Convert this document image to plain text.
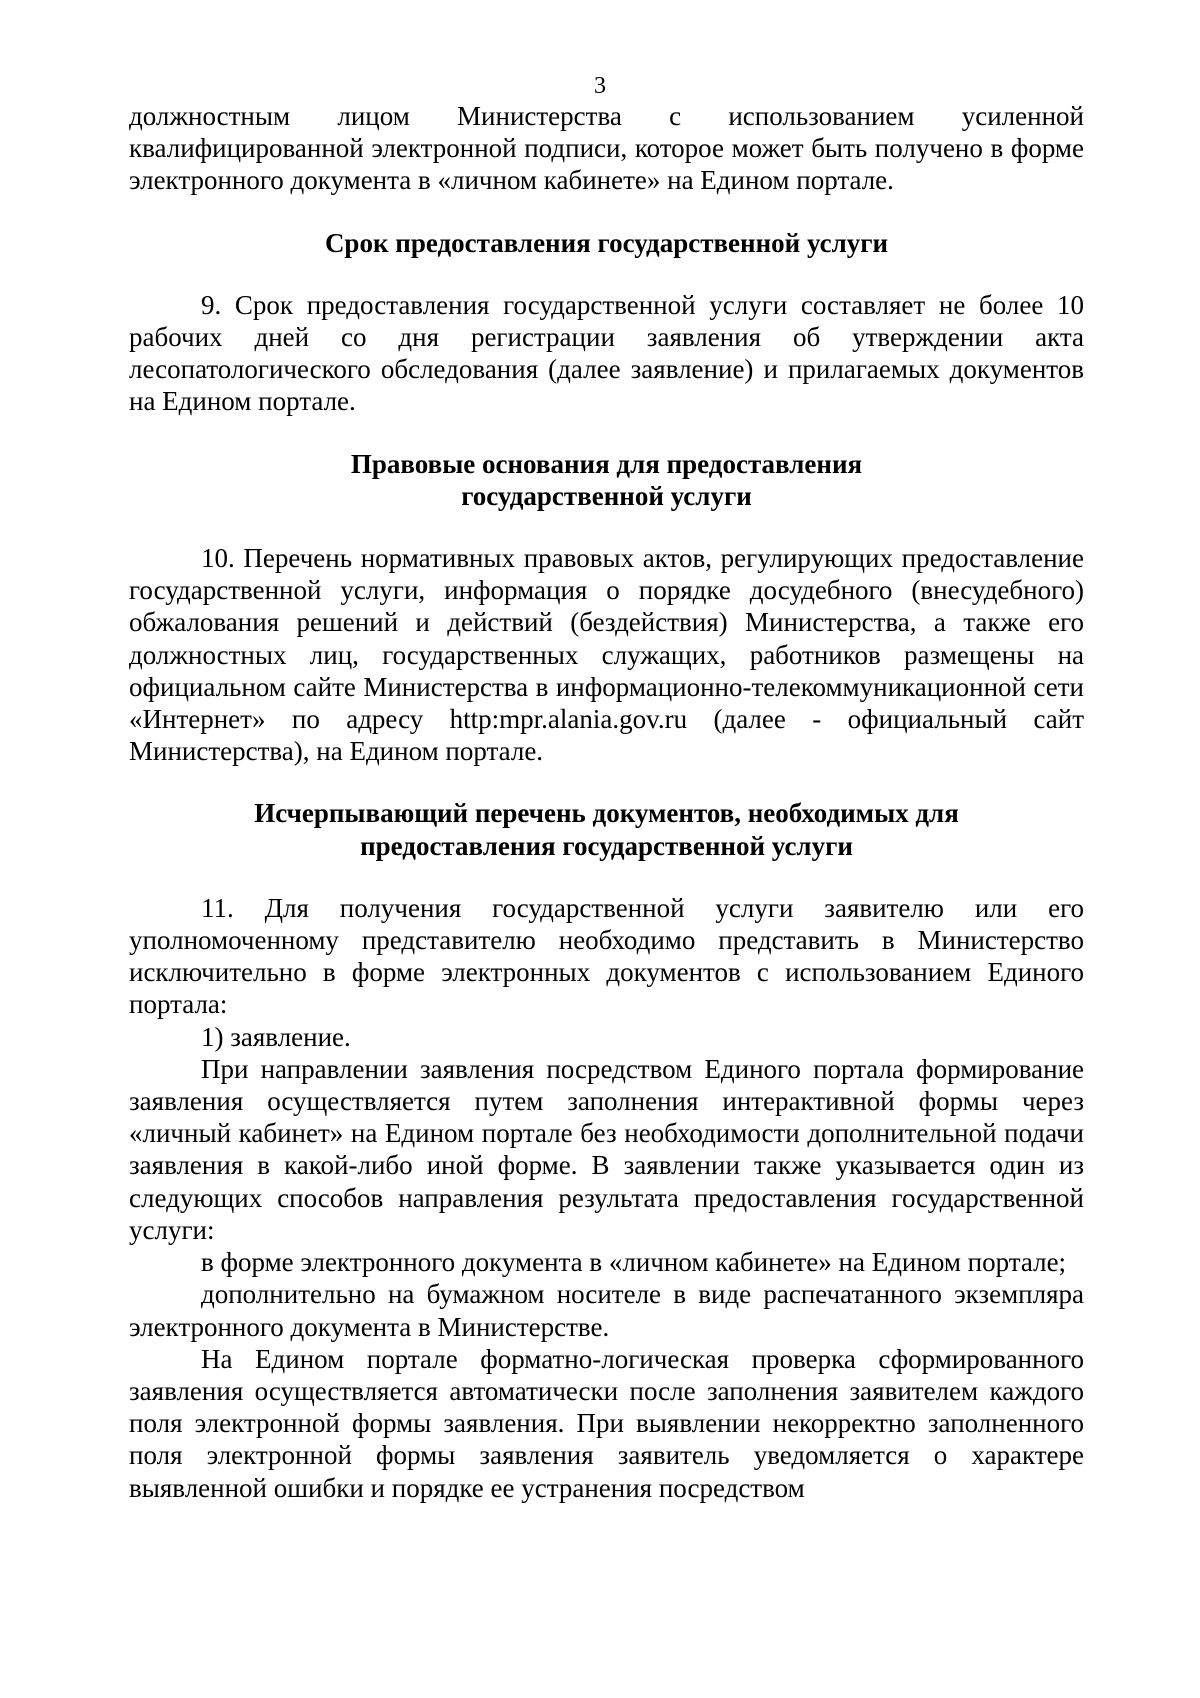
3

должностным лицом Министерства с использованием усиленной квалифицированной электронной подписи, которое может быть получено в форме электронного документа в «личном кабинете» на Едином портале.

Срок предоставления государственной услуги

9. Срок предоставления государственной услуги составляет не более 10 рабочих дней со дня регистрации заявления об утверждении акта лесопатологического обследования (далее заявление) и прилагаемых документов на Едином портале.

Правовые основания для предоставления
государственной услуги

10. Перечень нормативных правовых актов, регулирующих предоставление государственной услуги, информация о порядке досудебного (внесудебного) обжалования решений и действий (бездействия) Министерства, а также его должностных лиц, государственных служащих, работников размещены на официальном сайте Министерства в информационно-телекоммуникационной сети «Интернет» по адресу http:mpr.alania.gov.ru (далее - официальный сайт Министерства), на Едином портале.

Исчерпывающий перечень документов, необходимых для
предоставления государственной услуги

11. Для получения государственной услуги заявителю или его уполномоченному представителю необходимо представить в Министерство исключительно в форме электронных документов с использованием Единого портала:

1) заявление.

При направлении заявления посредством Единого портала формирование заявления осуществляется путем заполнения интерактивной формы через «личный кабинет» на Едином портале без необходимости дополнительной подачи заявления в какой-либо иной форме. В заявлении также указывается один из следующих способов направления результата предоставления государственной услуги:

в форме электронного документа в «личном кабинете» на Едином портале;

дополнительно на бумажном носителе в виде распечатанного экземпляра электронного документа в Министерстве.

На Едином портале форматно-логическая проверка сформированного заявления осуществляется автоматически после заполнения заявителем каждого поля электронной формы заявления. При выявлении некорректно заполненного поля электронной формы заявления заявитель уведомляется о характере выявленной ошибки и порядке ее устранения посредством
